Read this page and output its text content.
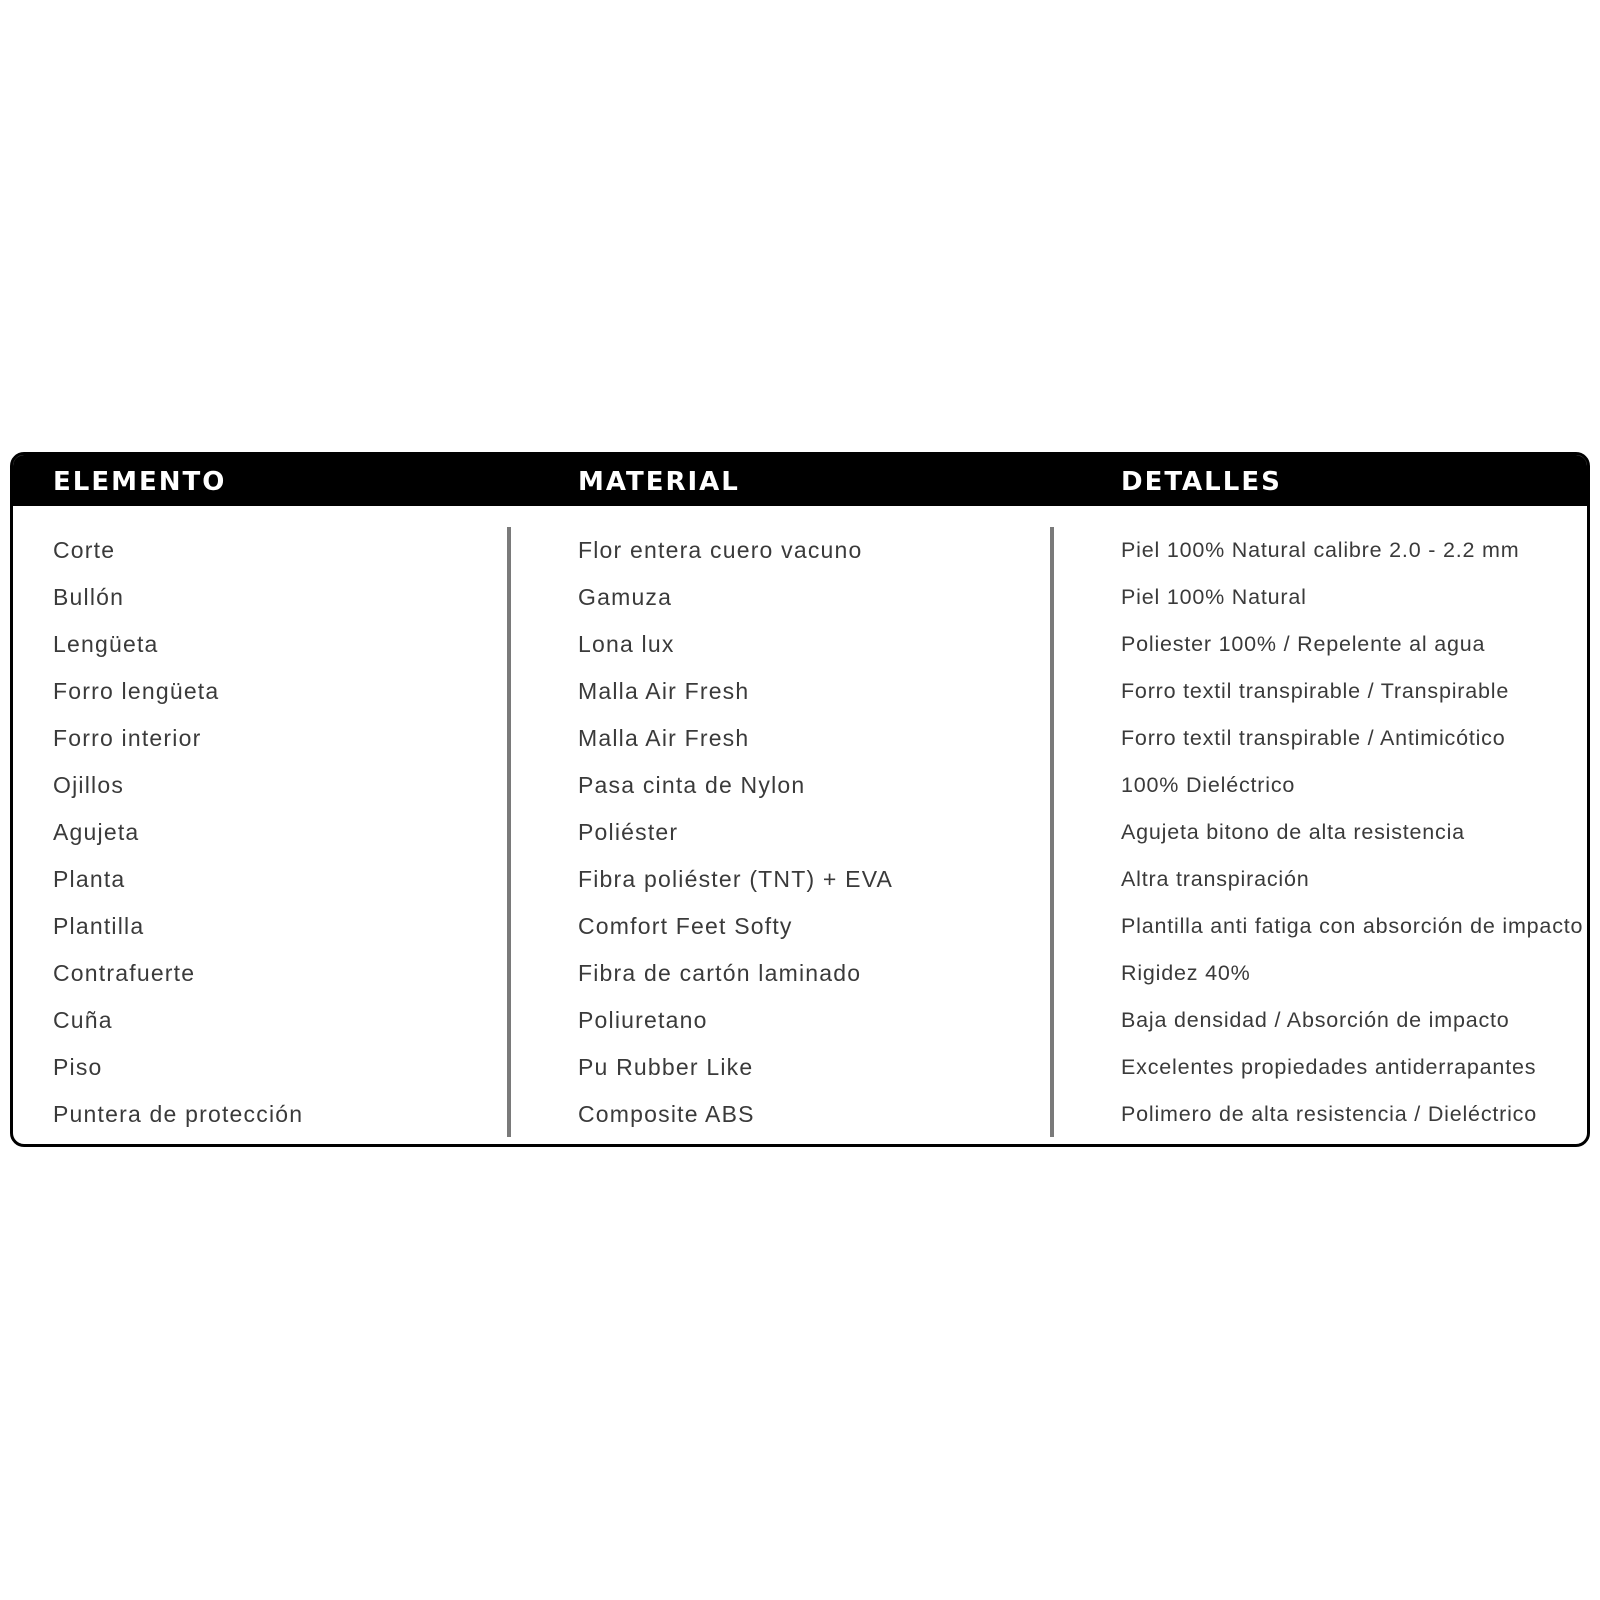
ELEMENTO	MATERIAL	DETALLES
Corte	Flor entera cuero vacuno	Piel 100% Natural calibre 2.0 - 2.2 mm
Bullón	Gamuza	Piel 100% Natural
Lengüeta	Lona lux	Poliester 100% / Repelente al agua
Forro lengüeta	Malla Air Fresh	Forro textil transpirable / Transpirable
Forro interior	Malla Air Fresh	Forro textil transpirable / Antimicótico
Ojillos	Pasa cinta de Nylon	100% Dieléctrico
Agujeta	Poliéster	Agujeta bitono de alta resistencia
Planta	Fibra poliéster (TNT) + EVA	Altra transpiración
Plantilla	Comfort Feet Softy	Plantilla anti fatiga con absorción de impacto
Contrafuerte	Fibra de cartón laminado	Rigidez 40%
Cuña	Poliuretano	Baja densidad / Absorción de impacto
Piso	Pu Rubber Like	Excelentes propiedades antiderrapantes
Puntera de protección	Composite ABS	Polimero de alta resistencia / Dieléctrico
